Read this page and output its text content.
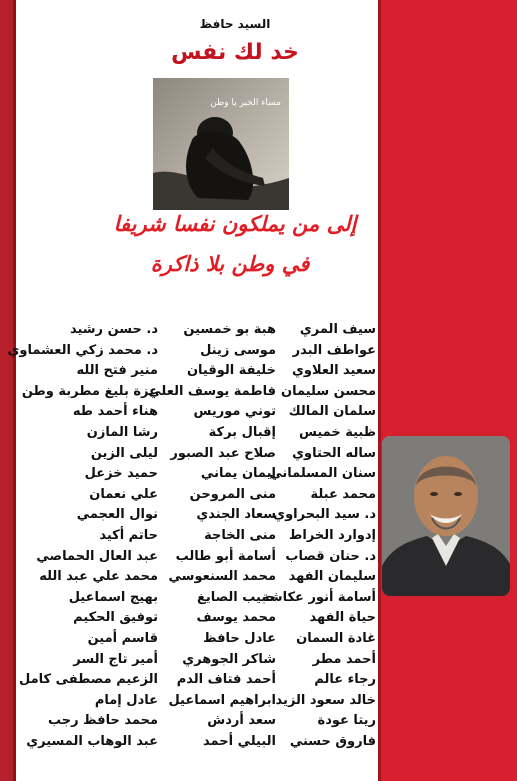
السيد حافظ
خد لك نفس
مساء الخير يا وطن
إلى من يملكون نفسا شريفا
في وطن بلا ذاكرة
سيف المري
عواطف البدر
سعيد العلاوي
محسن سليمان
سلمان المالك
ظبية خميس
ساله الحتاوي
سنان المسلماني
محمد عبلة
د. سيد البحراوي
إدوارد الخراط
د. حنان قصاب
سليمان الفهد
أسامة أنور عكاشة
حياة الفهد
غادة السمان
أحمد مطر
رجاء عالم
خالد سعود الزيد
ريتا عودة
فاروق حسني
هبة بو خمسين
موسى زينل
خليفة الوقيان
فاطمة يوسف العلي
توني موريس
إقبال بركة
صلاح عبد الصبور
ايمان يماني
منى المروحن
سعاد الجندي
منى الخاجة
أسامة أبو طالب
محمد السنعوسي
حبيب الصايغ
محمد يوسف
عادل حافظ
شاكر الجوهري
أحمد فتاف الدم
ابراهيم اسماعيل
سعد أردش
البيلي أحمد
د. حسن رشيد
د. محمد زكي العشماوي
منير فتح الله
عزة بليغ مطربة وطن
هناء أحمد طه
رشا المازن
ليلى الزين
حميد خزعل
علي نعمان
نوال العجمي
حاتم أكيد
عبد العال الحماصي
محمد علي عبد الله
بهيج اسماعيل
توفيق الحكيم
قاسم أمين
أمير تاج السر
الزعيم مصطفى كامل
عادل إمام
محمد حافظ رجب
عبد الوهاب المسيري
